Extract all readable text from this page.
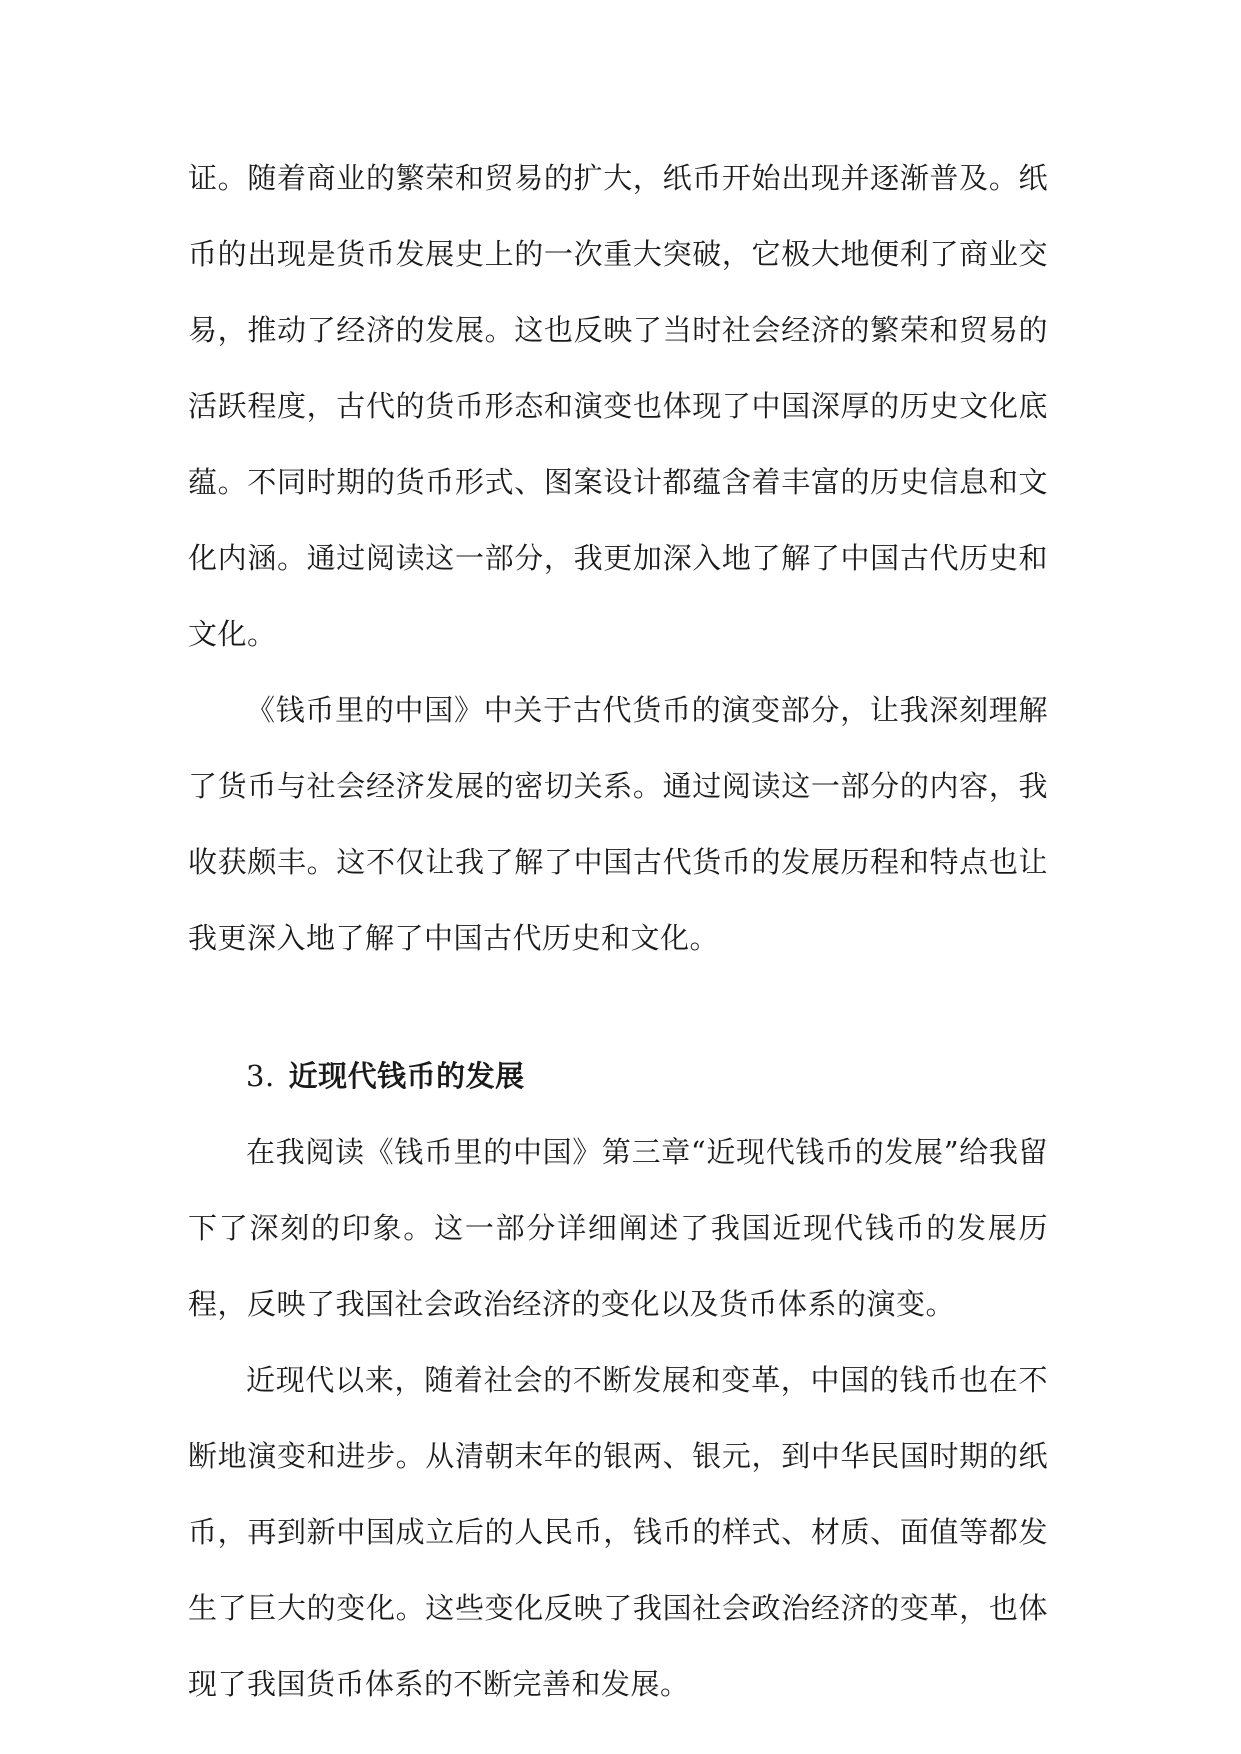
证。随着商业的繁荣和贸易的扩大，纸币开始出现并逐渐普及。纸币的出现是货币发展史上的一次重大突破，它极大地便利了商业交易，推动了经济的发展。这也反映了当时社会经济的繁荣和贸易的活跃程度，古代的货币形态和演变也体现了中国深厚的历史文化底蕴。不同时期的货币形式、图案设计都蕴含着丰富的历史信息和文化内涵。通过阅读这一部分，我更加深入地了解了中国古代历史和文化。

《钱币里的中国》中关于古代货币的演变部分，让我深刻理解了货币与社会经济发展的密切关系。通过阅读这一部分的内容，我收获颇丰。这不仅让我了解了中国古代货币的发展历程和特点也让我更深入地了解了中国古代历史和文化。

3. 近现代钱币的发展

在我阅读《钱币里的中国》第三章“近现代钱币的发展”给我留下了深刻的印象。这一部分详细阐述了我国近现代钱币的发展历程，反映了我国社会政治经济的变化以及货币体系的演变。

近现代以来，随着社会的不断发展和变革，中国的钱币也在不断地演变和进步。从清朝末年的银两、银元，到中华民国时期的纸币，再到新中国成立后的人民币，钱币的样式、材质、面值等都发生了巨大的变化。这些变化反映了我国社会政治经济的变革，也体现了我国货币体系的不断完善和发展。
